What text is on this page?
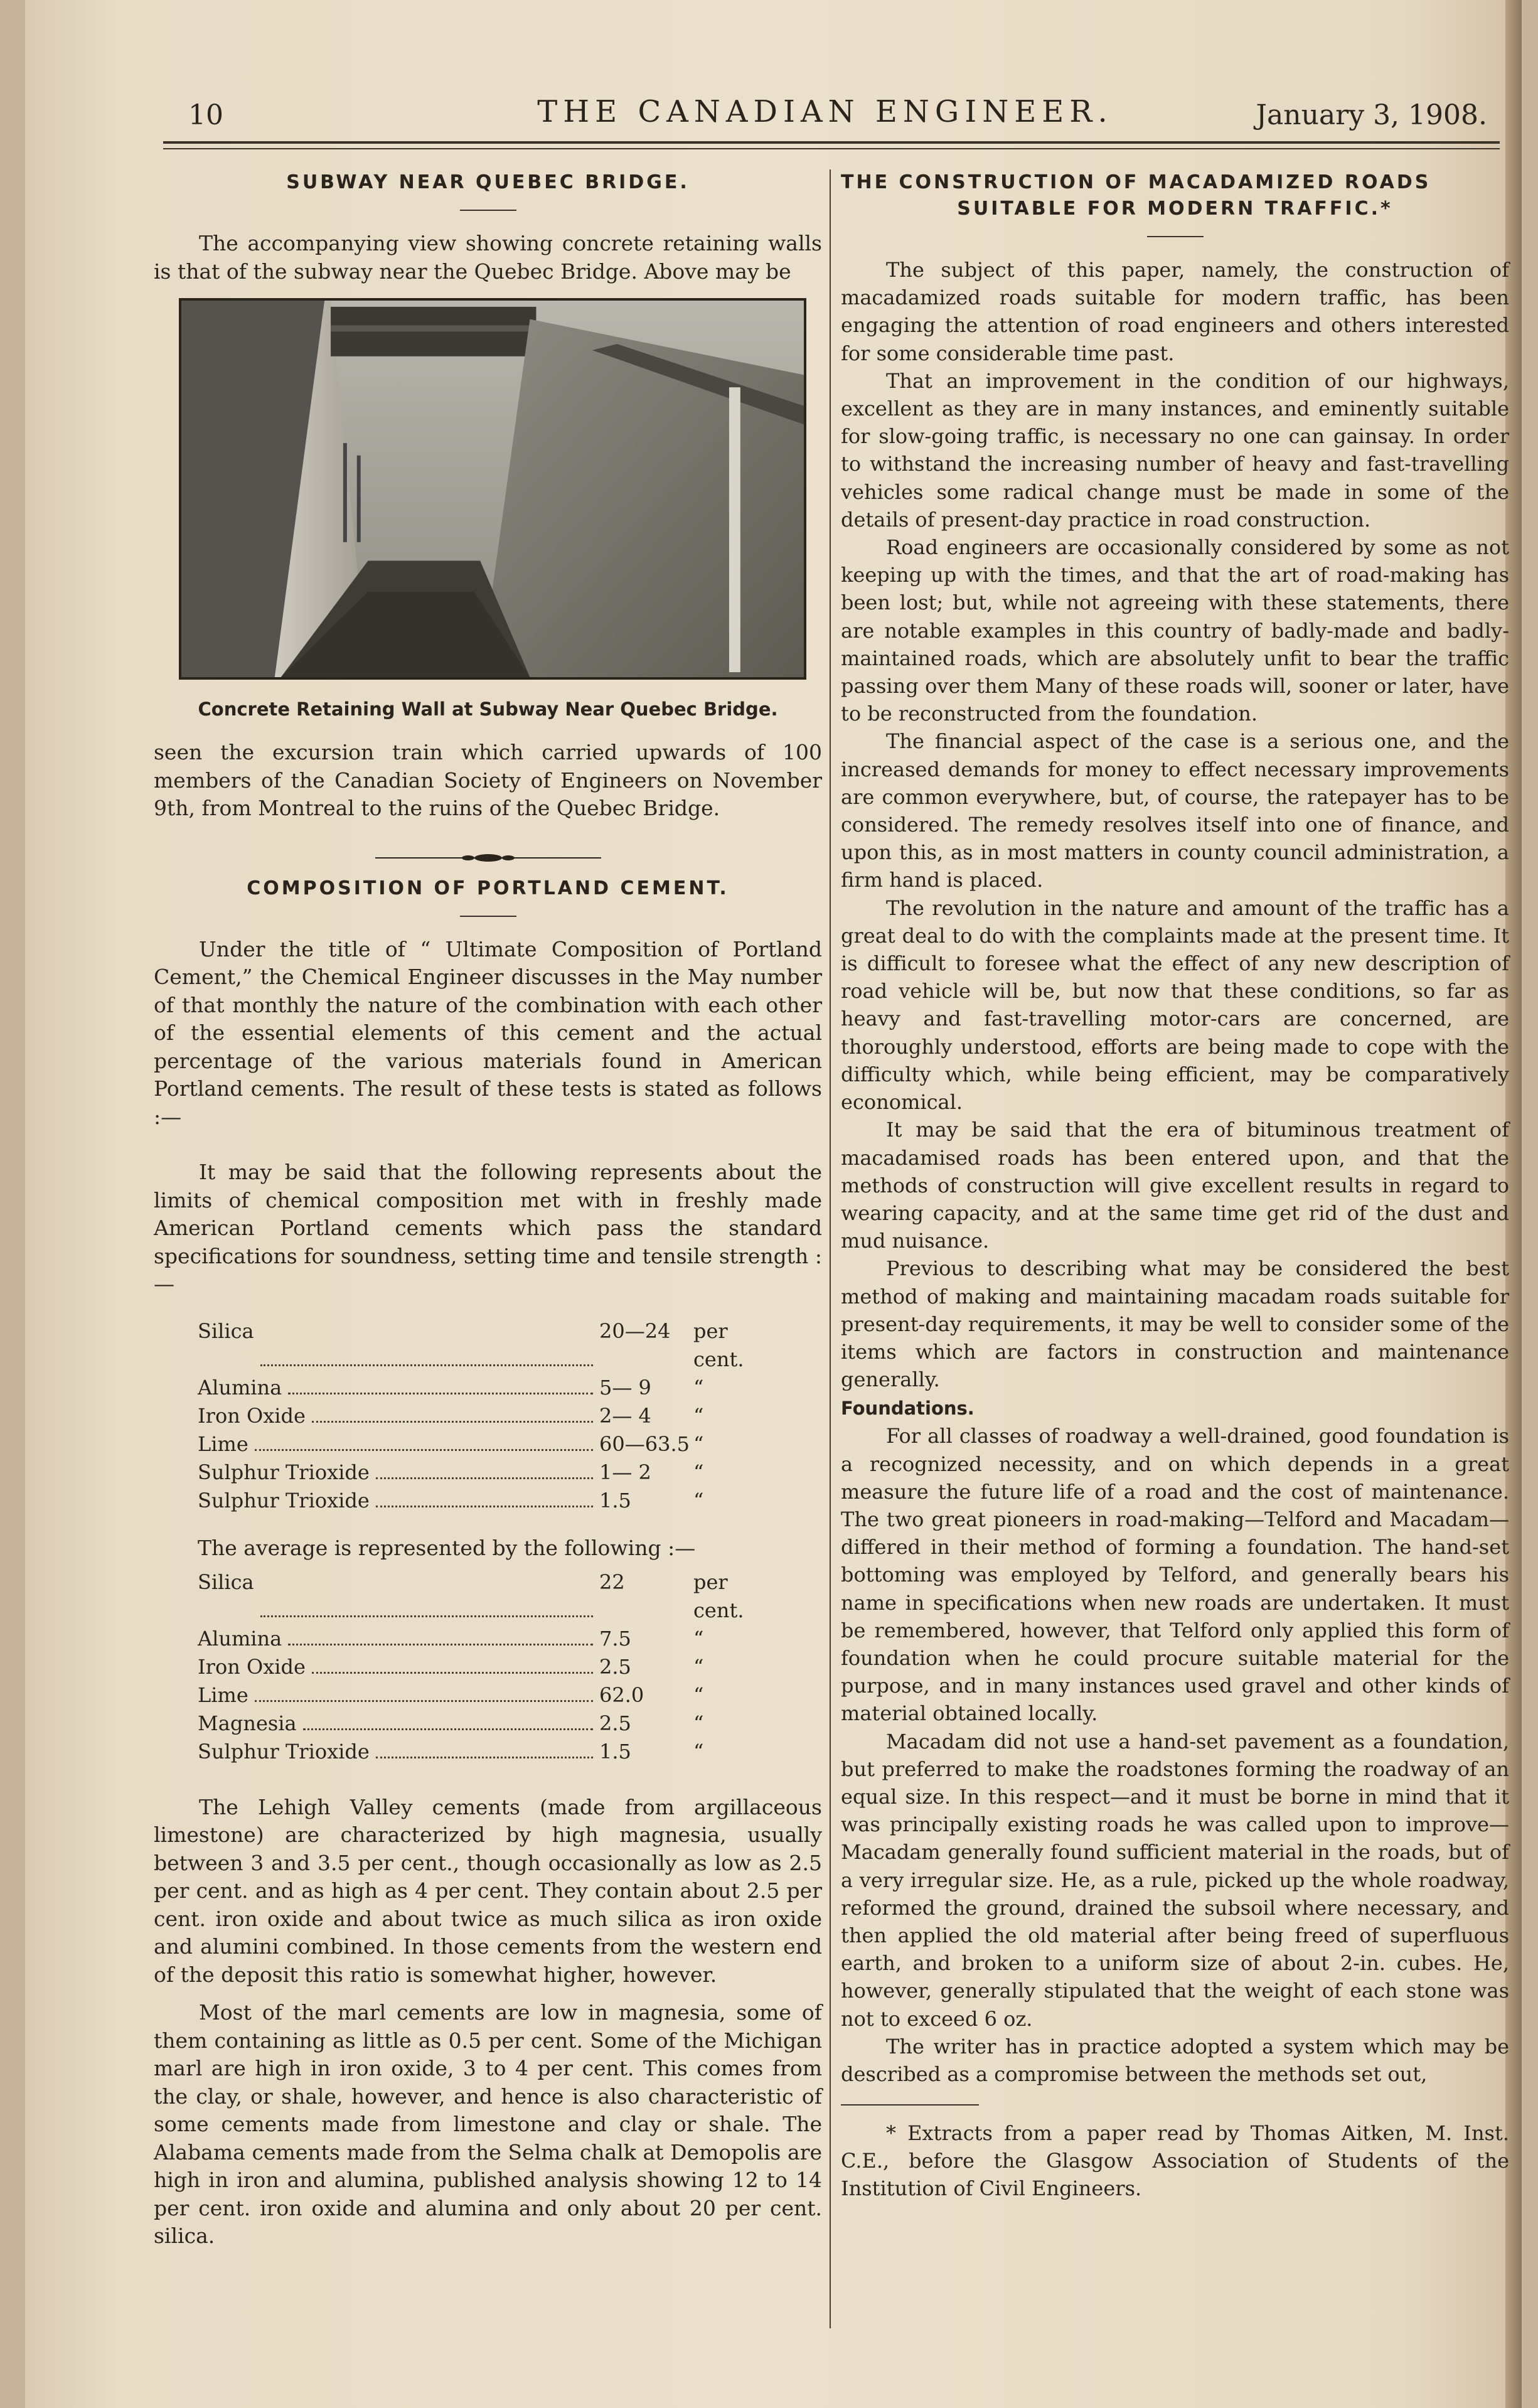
10	THE CANADIAN ENGINEER.	January 3, 1908.
SUBWAY NEAR QUEBEC BRIDGE.

The accompanying view showing concrete retaining walls is that of the subway near the Quebec Bridge. Above may be

Concrete Retaining Wall at Subway Near Quebec Bridge.

seen the excursion train which carried upwards of 100 members of the Canadian Society of Engineers on November 9th, from Montreal to the ruins of the Quebec Bridge.

COMPOSITION OF PORTLAND CEMENT.

Under the title of “ Ultimate Composition of Portland Cement,” the Chemical Engineer discusses in the May number of that monthly the nature of the combination with each other of the essential elements of this cement and the actual percentage of the various materials found in American Portland cements. The result of these tests is stated as follows :—

It may be said that the following represents about the limits of chemical composition met with in freshly made American Portland cements which pass the standard specifications for soundness, setting time and tensile strength :—

Silica	20—24	per cent.
Alumina	5— 9	“
Iron Oxide	2— 4	“
Lime	60—63.5 “
Sulphur Trioxide	1— 2	“
Sulphur Trioxide	1.5	“
The average is represented by the following :—
Silica	22	per cent.
Alumina	7.5	“
Iron Oxide	2.5	“
Lime	62.0	“
Magnesia	2.5	“
Sulphur Trioxide	1.5	“

The Lehigh Valley cements (made from argillaceous limestone) are characterized by high magnesia, usually between 3 and 3.5 per cent., though occasionally as low as 2.5 per cent. and as high as 4 per cent. They contain about 2.5 per cent. iron oxide and about twice as much silica as iron oxide and alumini combined. In those cements from the western end of the deposit this ratio is somewhat higher, however.

Most of the marl cements are low in magnesia, some of them containing as little as 0.5 per cent. Some of the Michigan marl are high in iron oxide, 3 to 4 per cent. This comes from the clay, or shale, however, and hence is also characteristic of some cements made from limestone and clay or shale. The Alabama cements made from the Selma chalk at Demopolis are high in iron and alumina, published analysis showing 12 to 14 per cent. iron oxide and alumina and only about 20 per cent. silica.

THE CONSTRUCTION OF MACADAMIZED ROADS
SUITABLE FOR MODERN TRAFFIC.*

The subject of this paper, namely, the construction of macadamized roads suitable for modern traffic, has been engaging the attention of road engineers and others interested for some considerable time past.

That an improvement in the condition of our highways, excellent as they are in many instances, and eminently suitable for slow-going traffic, is necessary no one can gainsay. In order to withstand the increasing number of heavy and fast-travelling vehicles some radical change must be made in some of the details of present-day practice in road construction.

Road engineers are occasionally considered by some as not keeping up with the times, and that the art of road-making has been lost; but, while not agreeing with these statements, there are notable examples in this country of badly-made and badly-maintained roads, which are absolutely unfit to bear the traffic passing over them Many of these roads will, sooner or later, have to be reconstructed from the foundation.

The financial aspect of the case is a serious one, and the increased demands for money to effect necessary improvements are common everywhere, but, of course, the ratepayer has to be considered. The remedy resolves itself into one of finance, and upon this, as in most matters in county council administration, a firm hand is placed.

The revolution in the nature and amount of the traffic has a great deal to do with the complaints made at the present time. It is difficult to foresee what the effect of any new description of road vehicle will be, but now that these conditions, so far as heavy and fast-travelling motor-cars are concerned, are thoroughly understood, efforts are being made to cope with the difficulty which, while being efficient, may be comparatively economical.

It may be said that the era of bituminous treatment of macadamised roads has been entered upon, and that the methods of construction will give excellent results in regard to wearing capacity, and at the same time get rid of the dust and mud nuisance.

Previous to describing what may be considered the best method of making and maintaining macadam roads suitable for present-day requirements, it may be well to consider some of the items which are factors in construction and maintenance generally.

Foundations.

For all classes of roadway a well-drained, good foundation is a recognized necessity, and on which depends in a great measure the future life of a road and the cost of maintenance. The two great pioneers in road-making—Telford and Macadam—differed in their method of forming a foundation. The hand-set bottoming was employed by Telford, and generally bears his name in specifications when new roads are undertaken. It must be remembered, however, that Telford only applied this form of foundation when he could procure suitable material for the purpose, and in many instances used gravel and other kinds of material obtained locally.

Macadam did not use a hand-set pavement as a foundation, but preferred to make the roadstones forming the roadway of an equal size. In this respect—and it must be borne in mind that it was principally existing roads he was called upon to improve—Macadam generally found sufficient material in the roads, but of a very irregular size. He, as a rule, picked up the whole roadway, reformed the ground, drained the subsoil where necessary, and then applied the old material after being freed of superfluous earth, and broken to a uniform size of about 2-in. cubes. He, however, generally stipulated that the weight of each stone was not to exceed 6 oz.

The writer has in practice adopted a system which may be described as a compromise between the methods set out,

* Extracts from a paper read by Thomas Aitken, M. Inst. C.E., before the Glasgow Association of Students of the Institution of Civil Engineers.
